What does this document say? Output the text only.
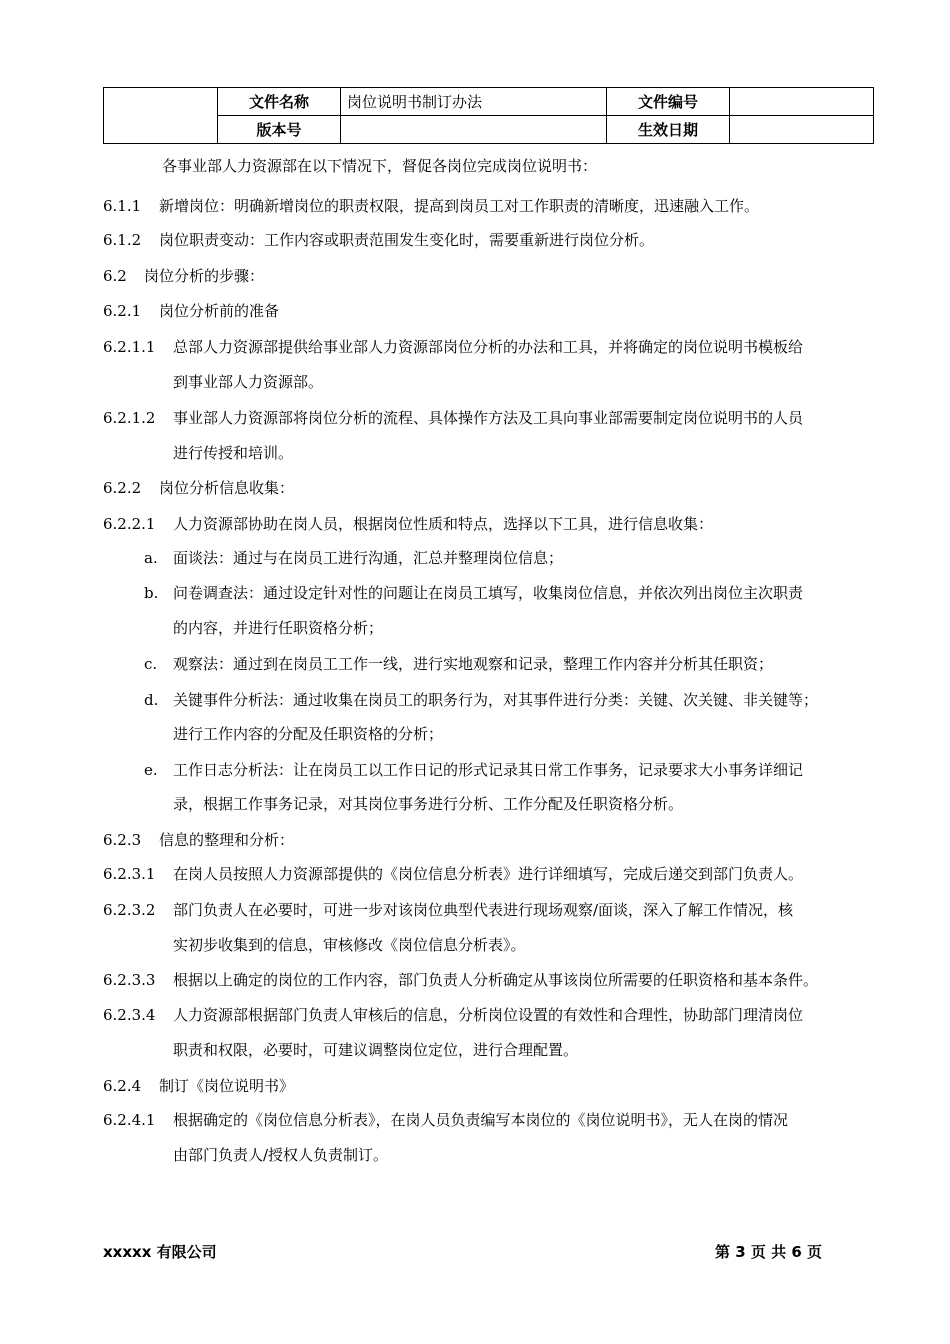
	文件名称	岗位说明书制订办法	文件编号	
	版本号		生效日期	
各事业部人力资源部在以下情况下，督促各岗位完成岗位说明书：
6.1.1 新增岗位：明确新增岗位的职责权限，提高到岗员工对工作职责的清晰度，迅速融入工作。
6.1.2 岗位职责变动：工作内容或职责范围发生变化时，需要重新进行岗位分析。
6.2 岗位分析的步骤：
6.2.1 岗位分析前的准备
6.2.1.1 总部人力资源部提供给事业部人力资源部岗位分析的办法和工具，并将确定的岗位说明书模板给
到事业部人力资源部。
6.2.1.2 事业部人力资源部将岗位分析的流程、具体操作方法及工具向事业部需要制定岗位说明书的人员
进行传授和培训。
6.2.2 岗位分析信息收集：
6.2.2.1 人力资源部协助在岗人员，根据岗位性质和特点，选择以下工具，进行信息收集：
a. 面谈法：通过与在岗员工进行沟通，汇总并整理岗位信息；
b. 问卷调查法：通过设定针对性的问题让在岗员工填写，收集岗位信息，并依次列出岗位主次职责
的内容，并进行任职资格分析；
c. 观察法：通过到在岗员工工作一线，进行实地观察和记录，整理工作内容并分析其任职资；
d. 关键事件分析法：通过收集在岗员工的职务行为，对其事件进行分类：关键、次关键、非关键等；
进行工作内容的分配及任职资格的分析；
e. 工作日志分析法：让在岗员工以工作日记的形式记录其日常工作事务，记录要求大小事务详细记
录，根据工作事务记录，对其岗位事务进行分析、工作分配及任职资格分析。
6.2.3 信息的整理和分析：
6.2.3.1 在岗人员按照人力资源部提供的《岗位信息分析表》进行详细填写，完成后递交到部门负责人。
6.2.3.2 部门负责人在必要时，可进一步对该岗位典型代表进行现场观察/面谈，深入了解工作情况，核
实初步收集到的信息，审核修改《岗位信息分析表》。
6.2.3.3 根据以上确定的岗位的工作内容，部门负责人分析确定从事该岗位所需要的任职资格和基本条件。
6.2.3.4 人力资源部根据部门负责人审核后的信息，分析岗位设置的有效性和合理性，协助部门理清岗位
职责和权限，必要时，可建议调整岗位定位，进行合理配置。
6.2.4 制订《岗位说明书》
6.2.4.1 根据确定的《岗位信息分析表》，在岗人员负责编写本岗位的《岗位说明书》，无人在岗的情况
由部门负责人/授权人负责制订。
xxxxx 有限公司	第 3 页 共 6 页
